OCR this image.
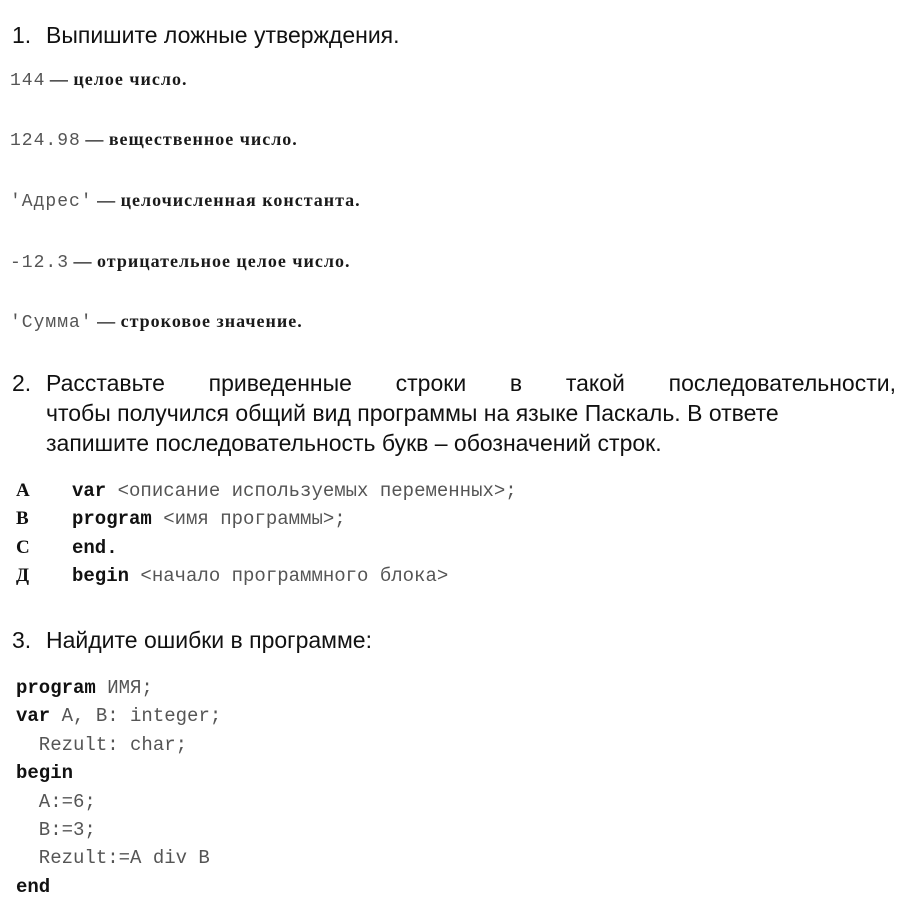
1. Выпишите ложные утверждения.
144 — целое число.
124.98 — вещественное число.
'Адрес' — целочисленная константа.
-12.3 — отрицательное целое число.
'Сумма' — строковое значение.
2. Расставьте приведенные строки в такой последовательности,
чтобы получился общий вид программы на языке Паскаль. В ответе
запишите последовательность букв – обозначений строк.
А	var <описание используемых переменных>;
В	program <имя программы>;
С	end.
Д	begin <начало программного блока>
3. Найдите ошибки в программе:
program ИМЯ;
var A, B: integer;
Rezult: char;
begin
A:=6;
B:=3;
Rezult:=A div B
end
